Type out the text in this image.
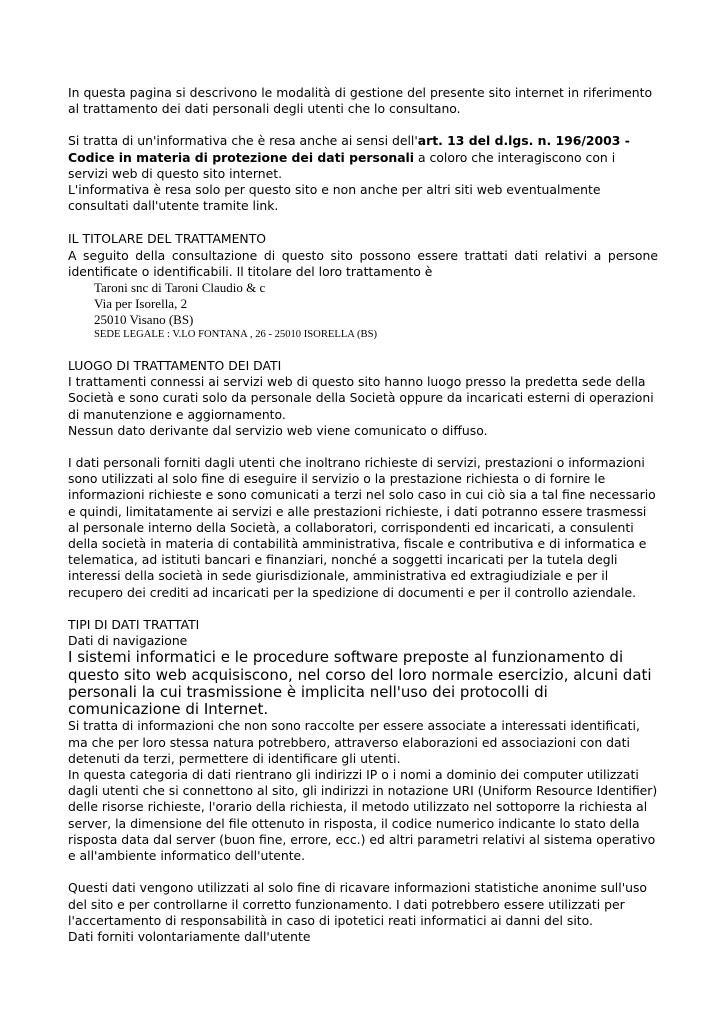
In questa pagina si descrivono le modalità di gestione del presente sito internet in riferimento al trattamento dei dati personali degli utenti che lo consultano.

Si tratta di un'informativa che è resa anche ai sensi dell'art. 13 del d.lgs. n. 196/2003 - Codice in materia di protezione dei dati personali a coloro che interagiscono con i servizi web di questo sito internet.

L'informativa è resa solo per questo sito e non anche per altri siti web eventualmente consultati dall'utente tramite link.

IL TITOLARE DEL TRATTAMENTO

A seguito della consultazione di questo sito possono essere trattati dati relativi a persone identificate o identificabili. Il titolare del loro trattamento è

Taroni snc di Taroni Claudio & c

Via per Isorella, 2

25010 Visano (BS)

SEDE LEGALE : V.LO FONTANA , 26 - 25010 ISORELLA (BS)

LUOGO DI TRATTAMENTO DEI DATI

I trattamenti connessi ai servizi web di questo sito hanno luogo presso la predetta sede della Società e sono curati solo da personale della Società oppure da incaricati esterni di operazioni di manutenzione e aggiornamento.

Nessun dato derivante dal servizio web viene comunicato o diffuso.

I dati personali forniti dagli utenti che inoltrano richieste di servizi, prestazioni o informazioni sono utilizzati al solo fine di eseguire il servizio o la prestazione richiesta o di fornire le informazioni richieste e sono comunicati a terzi nel solo caso in cui ciò sia a tal fine necessario e quindi, limitatamente ai servizi e alle prestazioni richieste, i dati potranno essere trasmessi al personale interno della Società, a collaboratori, corrispondenti ed incaricati, a consulenti della società in materia di contabilità amministrativa, fiscale e contributiva e di informatica e telematica, ad istituti bancari e finanziari, nonché a soggetti incaricati per la tutela degli interessi della società in sede giurisdizionale, amministrativa ed extragiudiziale e per il recupero dei crediti ad incaricati per la spedizione di documenti e per il controllo aziendale.

TIPI DI DATI TRATTATI

Dati di navigazione

I sistemi informatici e le procedure software preposte al funzionamento di questo sito web acquisiscono, nel corso del loro normale esercizio, alcuni dati personali la cui trasmissione è implicita nell'uso dei protocolli di comunicazione di Internet.

Si tratta di informazioni che non sono raccolte per essere associate a interessati identificati, ma che per loro stessa natura potrebbero, attraverso elaborazioni ed associazioni con dati detenuti da terzi, permettere di identificare gli utenti.

In questa categoria di dati rientrano gli indirizzi IP o i nomi a dominio dei computer utilizzati dagli utenti che si connettono al sito, gli indirizzi in notazione URI (Uniform Resource Identifier) delle risorse richieste, l'orario della richiesta, il metodo utilizzato nel sottoporre la richiesta al server, la dimensione del file ottenuto in risposta, il codice numerico indicante lo stato della risposta data dal server (buon fine, errore, ecc.) ed altri parametri relativi al sistema operativo e all'ambiente informatico dell'utente.

Questi dati vengono utilizzati al solo fine di ricavare informazioni statistiche anonime sull'uso del sito e per controllarne il corretto funzionamento. I dati potrebbero essere utilizzati per l'accertamento di responsabilità in caso di ipotetici reati informatici ai danni del sito.

Dati forniti volontariamente dall'utente
